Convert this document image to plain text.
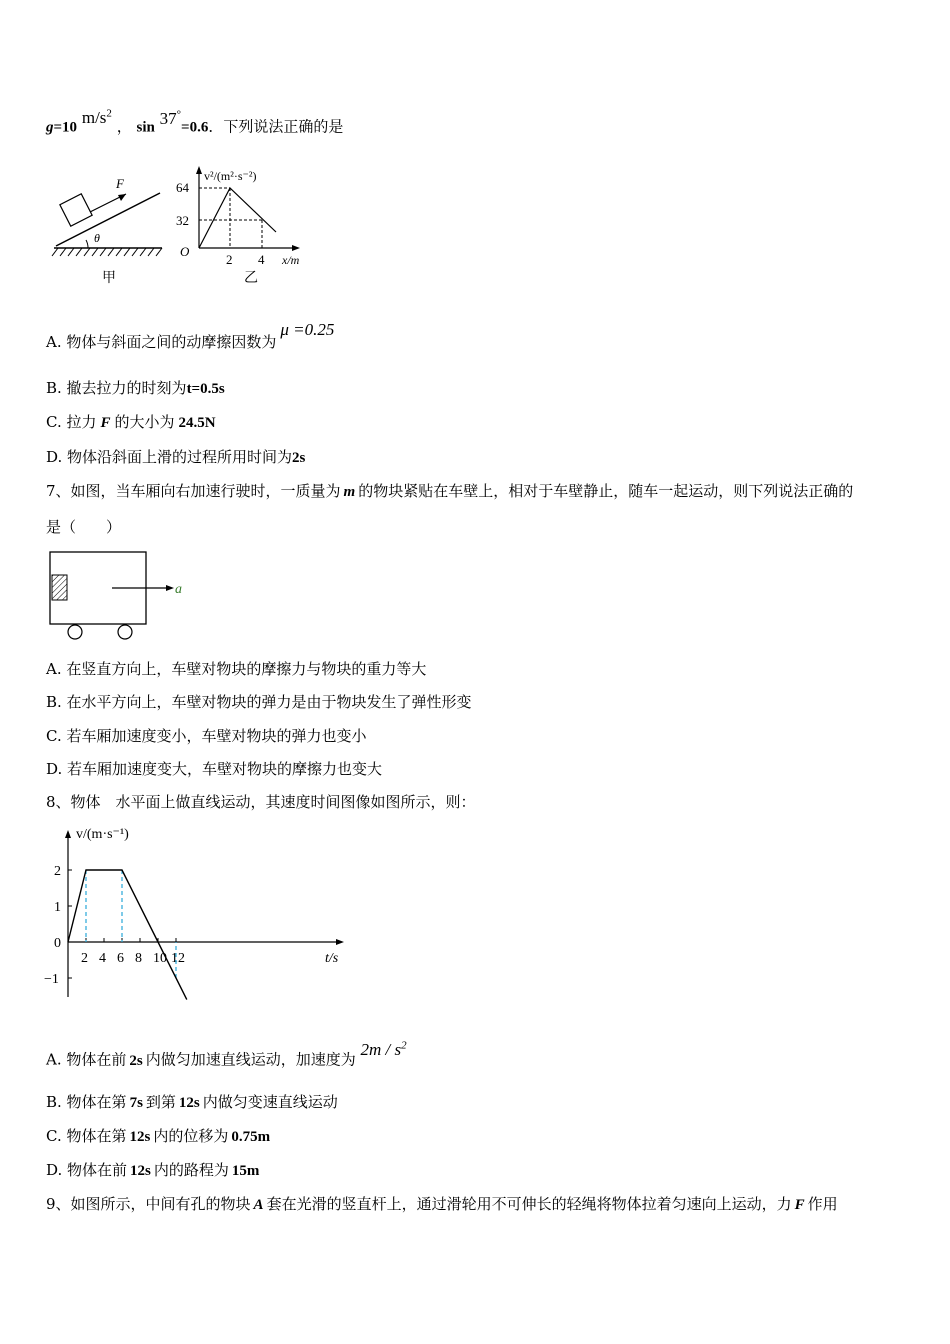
g=10 $m/s^2$ ， sin 37°=0.6．下列说法正确的是
F
θ
甲
v²/(m²·s⁻²)
x/m
O
64
32
2 4
乙
A. 物体与斜面之间的动摩擦因数为μ =0.25
B. 撤去拉力的时刻为t=0.5s
C. 拉力 F 的大小为 24.5N
D. 物体沿斜面上滑的过程所用时间为2s
7、如图，当车厢向右加速行驶时，一质量为 m 的物块紧贴在车壁上，相对于车壁静止，随车一起运动，则下列说法正确的
是（　　）
a
A. 在竖直方向上，车壁对物块的摩擦力与物块的重力等大
B. 在水平方向上，车壁对物块的弹力是由于物块发生了弹性形变
C. 若车厢加速度变小，车壁对物块的弹力也变小
D. 若车厢加速度变大，车壁对物块的摩擦力也变大
8、物体　水平面上做直线运动，其速度时间图像如图所示，则：
v/(m·s⁻¹)
t/s
2
1
0
−1
2 4 6 8 10 12
A. 物体在前 2s 内做匀加速直线运动，加速度为 $2m / s^2$
B. 物体在第 7s 到第 12s 内做匀变速直线运动
C. 物体在第 12s 内的位移为 0.75m
D. 物体在前 12s 内的路程为 15m
9、如图所示，中间有孔的物块 A 套在光滑的竖直杆上，通过滑轮用不可伸长的轻绳将物体拉着匀速向上运动，力 F 作用
